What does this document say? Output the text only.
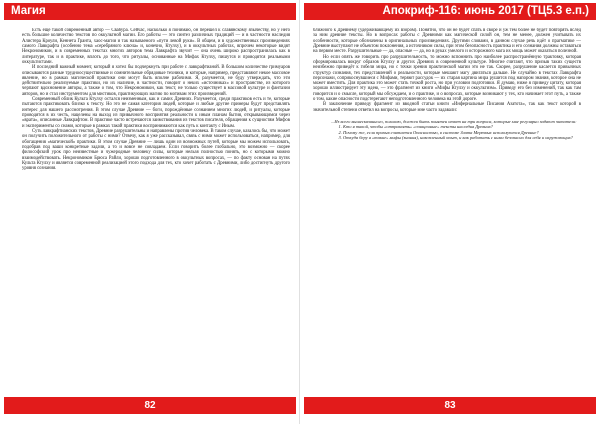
Магия

Есть ещё такой современный автор — Свабура. Сейчас, насколько я понимаю, он перешёл к славянскому язычеству, но у него есть большое количество текстов по оккультной магии. Его работы — это синтез различных традиций — и в частности наследия Алистера Кроули, Кеннета Гранта, хаос-магии и так называемого «пути левой руки». В общем, и в художественных произведениях самого Лавкрафта (особенно тема «серебряного ключа» и, конечно, Ктулху), и в оккультных работах, впрочем некоторые видят Некрономикон, и в современных текстах многих авторов тема Лавкрафта звучит — она очень широко распространилась как в литературе, так и в практике, вплоть до того, что ритуалы, основанные на Мифах Ктулху, пишутся и проводятся реальными оккультистами.

И последний важный момент, который я хотел бы подчеркнуть при работе с лавкрафтианой. В большом количестве гримуаров описываются разные трудноосуществимые и сомнительные обрядовые техники, и которые, например, представляют некое массовое явление, но в рамках магической практики они могут быть вполне рабочими. Я, разумеется, не буду утверждать, что эти действительно реализуемые практики, но их наличие, в частности, говорит о неких «источниках» и пространстве, из которого черпают вдохновение авторы, а также о том, что Некрономикон, как текст, не только существует в массовой культуре и фантазии авторов, но и стал инструментом для мистиков, практикующих магию по мотивам этих произведений.

Современный облик Культа Ктулху остался неизменным, как и самих Древних. Разумеется, среди практиков есть и те, которые пытаются практиковать близко к тексту. Но это не самая категория людей, которые и любые другие примеры будут представлять интерес для нашего рассмотрения. В этом случае Древние — боги, порождённые сознанием многих людей, и ритуалы, которые проводятся в их честь, нацелены на выход из привычного восприятия реальности к иным планам бытия, открывающимся через «врата», описанные Лавкрафтом. В практике часто встречаются заимствования из текстов писателя, обращения к сущностям Мифов и эксперименты со снами, которые в рамках такой практики воспринимаются как путь к контакту с Иным.

Суть лавкрафтианских текстов, Древние разрушительны и направлены против человека. В таком случае, казалось бы, что может он получить положительного от работы с ними? Отвечу, как я уже рассказывал, связь с ними может использоваться, например, для обогащения «магической» практики. В этом случае Древние — лишь один из возможных путей, которые мы можем использовать, подобрав под ваши конкретные задачи, а то и вовсе не совладаем. Если говорить более глобально, это возможно — скорее философский урок про неизвестные и чужеродные человеку силы, которые нельзя полностью понять, но с которыми можно взаимодействовать. Некрономикон Брюса Райли, хорошо подготовленного в оккультных вопросах, — по факту основан на путях Культа Ктулху и является современной реализацией этого подхода для тех, кто хочет работать с Древними, либо достигнуть другого уровня сознания.

82
Апокриф-116: июнь 2017 (ТЦ5.3 е.п.)

ближного к Древнему (удерживающему их взором). Понятно, что он не будет спать в своре и уж тем более не будет повторять вслед за ним древние тексты. Но в вопросах работы с Древними как магической силой он, тем не менее, должен учитывать их особенности, которые обозначены в оригинальных произведениях. Другими словами, в данном случае речь идёт о прагматике — Древние выступают не объектом поклонения, а источником силы, при этом безопасность практика и его сознания должны оставаться на первом месте. Разрушительные — да, опасные — да, но в руках умелого и осторожного мага их мощь может оказаться полезной.

Но если опять же говорить про разрушительность, то можно вспомнить про наиболее распространённую трактовку, которая сформировалась вокруг образов Ктулху и других Древних в современной культуре. Многие считают, что призыв таких существ неизбежно приведёт к гибели мира, но с точки зрения практической магии это не так. Скорее, разрушение касается привычных структур сознания, тех представлений о реальности, которые мешают магу двигаться дальше. Не случайно в текстах Лавкрафта персонажи, соприкоснувшиеся с Мифами, теряют рассудок — их старая картина мира рушится под напором знания, которое она не может вместить. Для практика это может стать точкой роста, но при условии подготовки. Я думаю, ниже я приведу цитату, которая хорошо иллюстрирует эту идею, — это фрагмент из книги «Мифы Ктулху и оккультизм». Приведу его без изменений, так как там говорится и о смысле, который мы обсуждаем, и о практике, и о вопросах, которые возникают у тех, кто начинает этот путь, а также о том, какие опасности подстерегают неподготовленного человека на этой дороге.

В заключение приведу фрагмент из вводной статьи книги «Инфернальные Писания Азатота», так как текст которой в значительной степени ответил на вопросы, которые мне часто задавали:

...Из всего вышесказанного, полагаю, должен быть понятен ответ на три вопроса, которые мне регулярно задают читатели:

1. Кто я такой, чтобы «отправлять» «очищенные» тексты наследия Древних?
2. Почему же, если призыв считается Опасностью, в системе Злата Мертвых используются Древние?
3. Откуда беру я «такие» мифы (знания), накопленный опыт, и как работать с ними безопасно для себя и окружающих?
83
